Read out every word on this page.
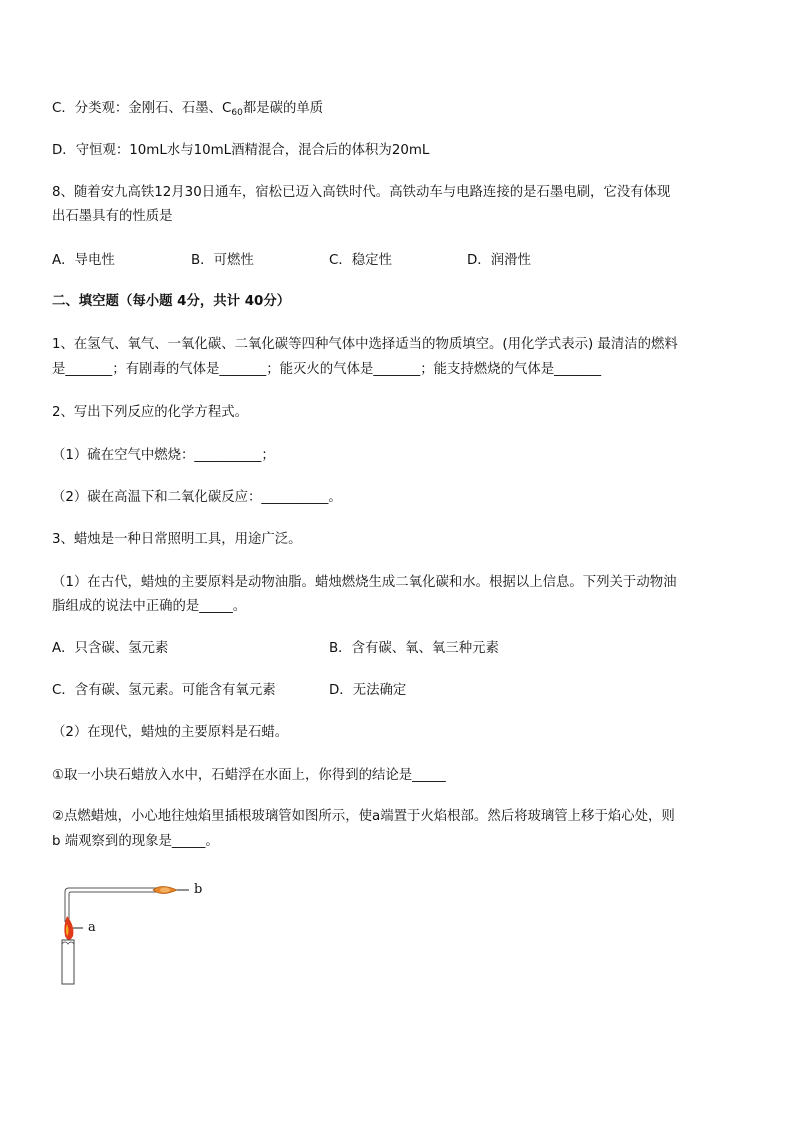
C．分类观：金刚石、石墨、$C_{60}$都是碳的单质
D．守恒观：10mL水与10mL酒精混合，混合后的体积为20mL
8、随着安九高铁12月30日通车，宿松已迈入高铁时代。高铁动车与电路连接的是石墨电刷，它没有体现
出石墨具有的性质是
A．导电性	B．可燃性	C．稳定性	D．润滑性
二、填空题（每小题 4分，共计 40分）
1、在氢气、氧气、一氧化碳、二氧化碳等四种气体中选择适当的物质填空。(用化学式表示) 最清洁的燃料
是_______；有剧毒的气体是_______；能灭火的气体是_______；能支持燃烧的气体是_______
2、写出下列反应的化学方程式。
（1）硫在空气中燃烧：__________；
（2）碳在高温下和二氧化碳反应：__________。
3、蜡烛是一种日常照明工具，用途广泛。
（1）在古代，蜡烛的主要原料是动物油脂。蜡烛燃烧生成二氧化碳和水。根据以上信息。下列关于动物油
脂组成的说法中正确的是_____。
A．只含碳、氢元素	B．含有碳、氧、氧三种元素
C．含有碳、氢元素。可能含有氧元素	D．无法确定
（2）在现代，蜡烛的主要原料是石蜡。
①取一小块石蜡放入水中，石蜡浮在水面上，你得到的结论是_____
②点燃蜡烛，小心地往烛焰里插根玻璃管如图所示，使a端置于火焰根部。然后将玻璃管上移于焰心处，则
b 端观察到的现象是_____。
b
a
